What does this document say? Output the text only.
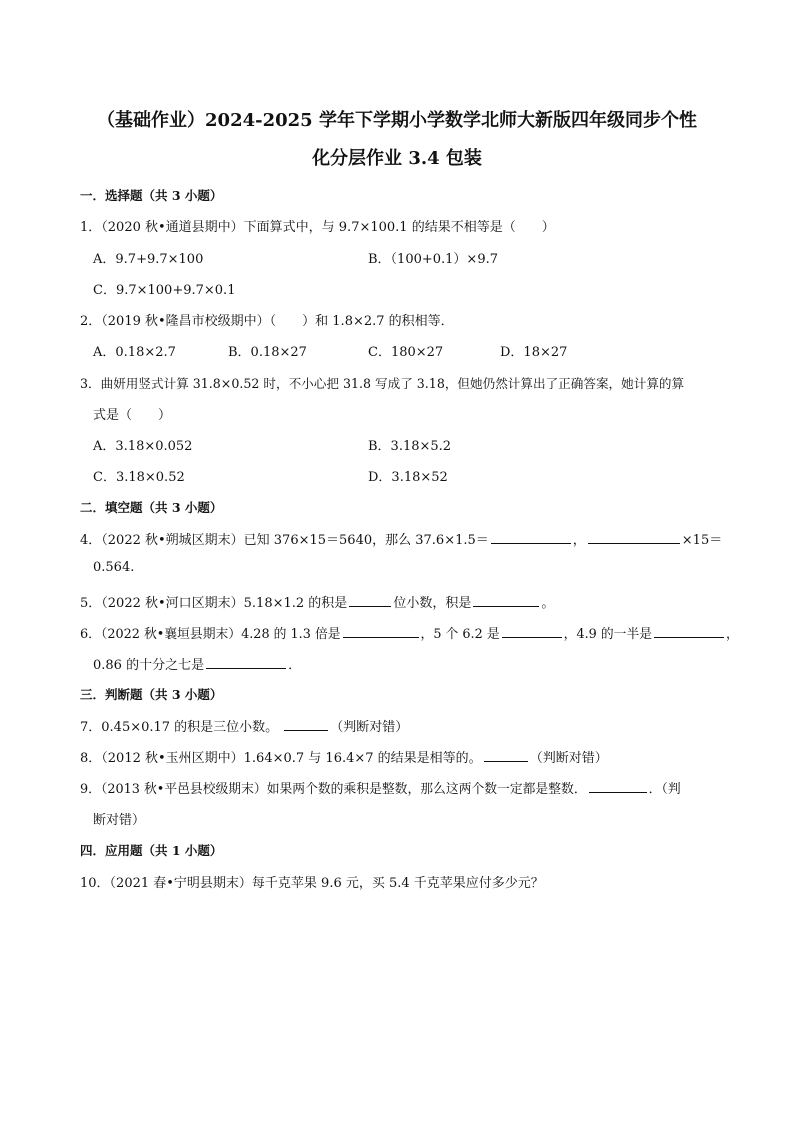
（基础作业）2024-2025 学年下学期小学数学北师大新版四年级同步个性
化分层作业 3.4 包装
一．选择题（共 3 小题）
1．（2020 秋•通道县期中）下面算式中，与 9.7×100.1 的结果不相等是（　　）
A．9.7+9.7×100	B．（100+0.1）×9.7
C．9.7×100+9.7×0.1
2．（2019 秋•隆昌市校级期中）（　　）和 1.8×2.7 的积相等．
A．0.18×2.7	B．0.18×27	C．180×27	D．18×27
3．曲妍用竖式计算 31.8×0.52 时，不小心把 31.8 写成了 3.18，但她仍然计算出了正确答案，她计算的算
式是（　　）
A．3.18×0.052	B．3.18×5.2
C．3.18×0.52	D．3.18×52
二．填空题（共 3 小题）
4．（2022 秋•朔城区期末）已知 376×15＝5640，那么 37.6×1.5＝	，	×15＝
0.564.
5．（2022 秋•河口区期末）5.18×1.2 的积是	位小数，积是	。
6．（2022 秋•襄垣县期末）4.28 的 1.3 倍是	，5 个 6.2 是	，4.9 的一半是	，
0.86 的十分之七是	．
三．判断题（共 3 小题）
7．0.45×0.17 的积是三位小数。	（判断对错）
8．（2012 秋•玉州区期中）1.64×0.7 与 16.4×7 的结果是相等的。	（判断对错）
9．（2013 秋•平邑县校级期末）如果两个数的乘积是整数，那么这两个数一定都是整数．	．（判
断对错）
四．应用题（共 1 小题）
10．（2021 春•宁明县期末）每千克苹果 9.6 元，买 5.4 千克苹果应付多少元？
